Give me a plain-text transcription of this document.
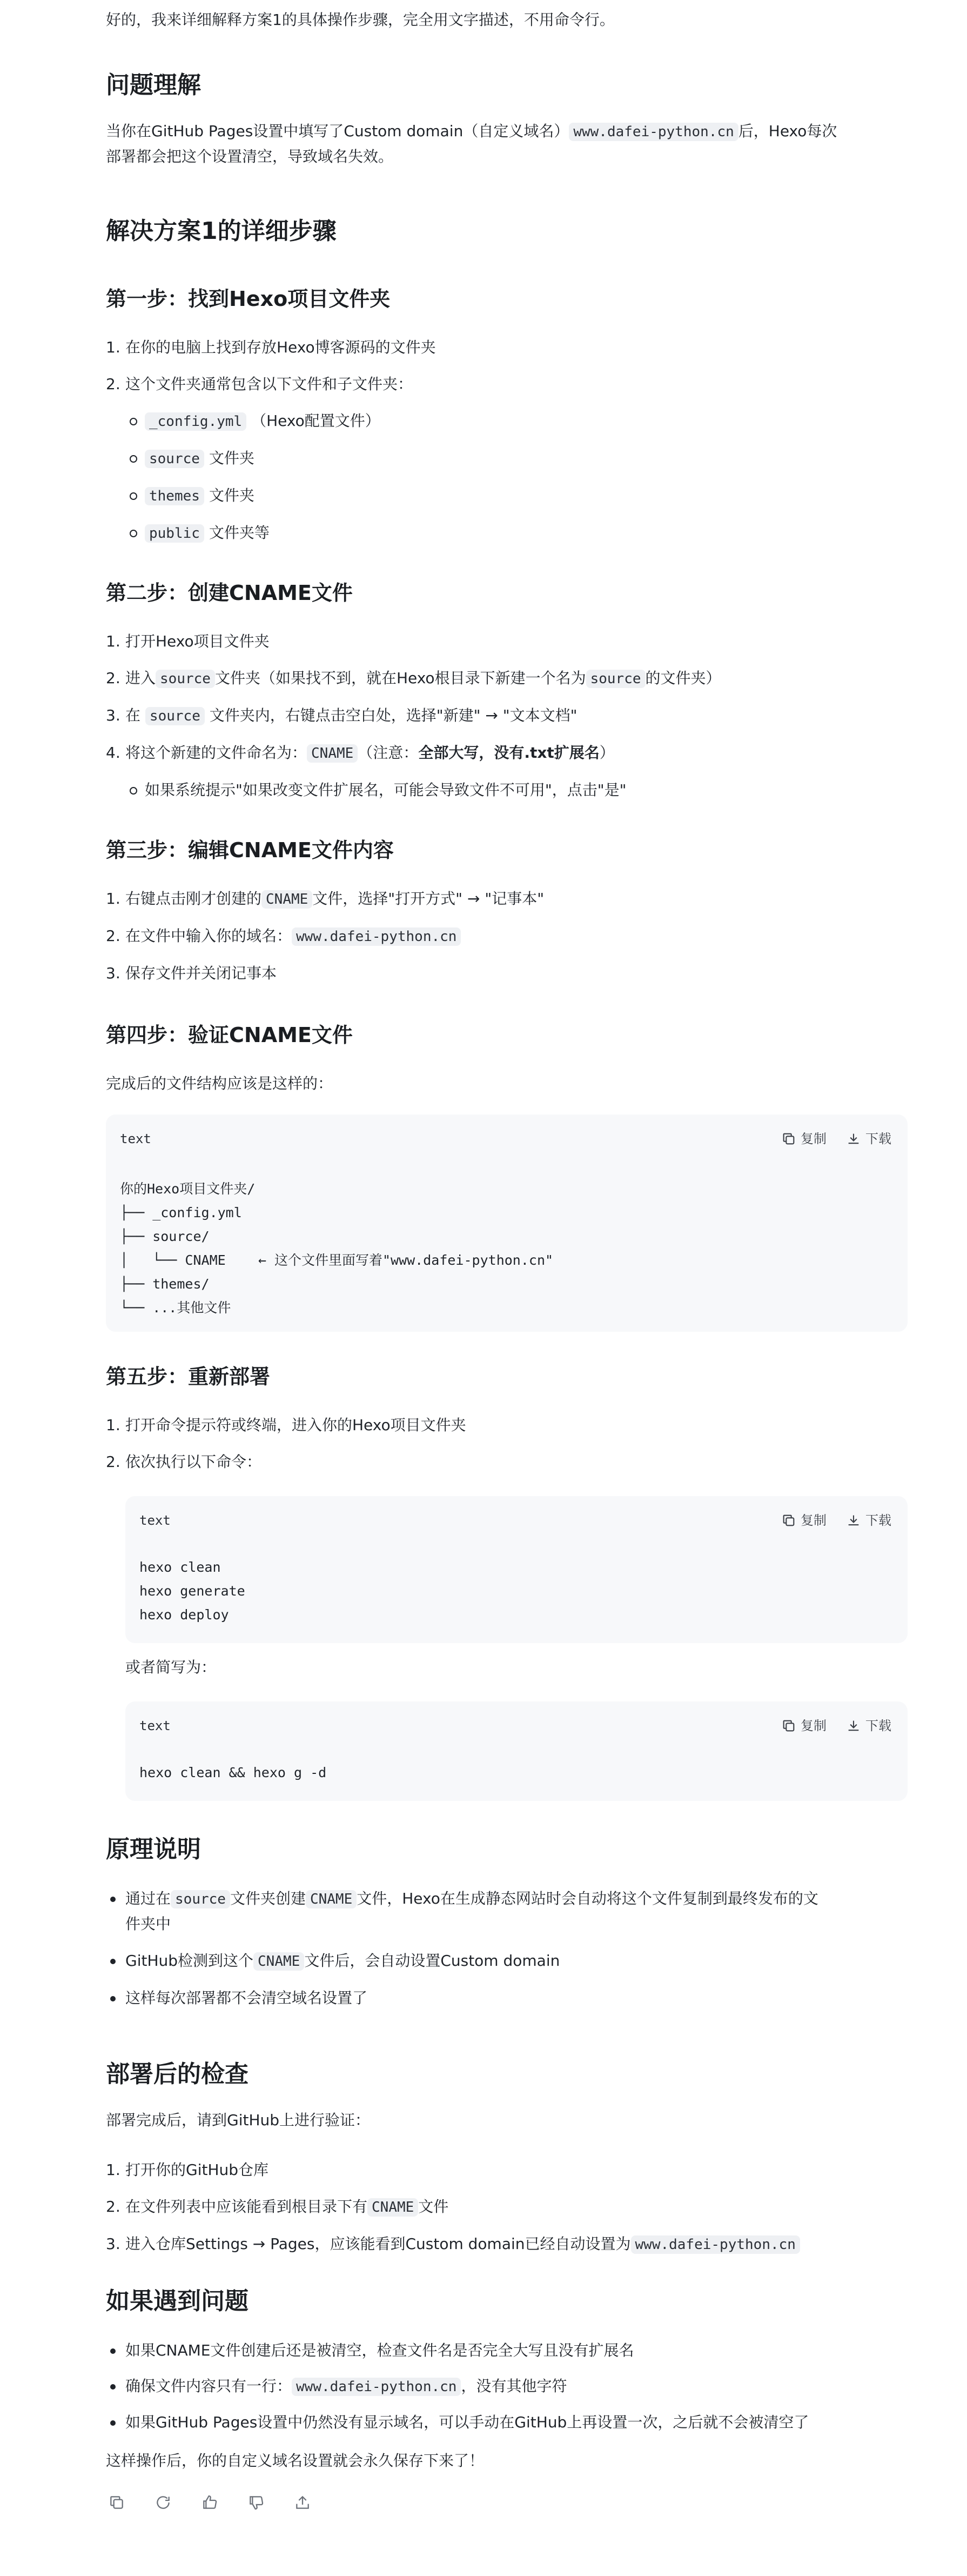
好的，我来详细解释方案1的具体操作步骤，完全用文字描述，不用命令行。

问题理解

当你在GitHub Pages设置中填写了Custom domain（自定义域名） www.dafei-python.cn 后，Hexo每次
部署都会把这个设置清空，导致域名失效。

解决方案1的详细步骤
第一步：找到Hexo项目文件夹
1. 在你的电脑上找到存放Hexo博客源码的文件夹
2. 这个文件夹通常包含以下文件和子文件夹：
_config.yml （Hexo配置文件）
source 文件夹
themes 文件夹
public 文件夹等
第二步：创建CNAME文件
1. 打开Hexo项目文件夹
2. 进入 source 文件夹（如果找不到，就在Hexo根目录下新建一个名为 source 的文件夹）
3. 在 source 文件夹内，右键点击空白处，选择"新建" → "文本文档"
4. 将这个新建的文件命名为： CNAME （注意：全部大写，没有.txt扩展名）
如果系统提示"如果改变文件扩展名，可能会导致文件不可用"，点击"是"
第三步：编辑CNAME文件内容
1. 右键点击刚才创建的 CNAME 文件，选择"打开方式" → "记事本"
2. 在文件中输入你的域名： www.dafei-python.cn
3. 保存文件并关闭记事本
第四步：验证CNAME文件

完成后的文件结构应该是这样的：

text	复制	下载
你的Hexo项目文件夹/
├── _config.yml
├── source/
│   └── CNAME    ← 这个文件里面写着"www.dafei-python.cn"
├── themes/
└── ...其他文件
第五步：重新部署
1. 打开命令提示符或终端，进入你的Hexo项目文件夹
2. 依次执行以下命令：
text	复制	下载
hexo clean
hexo generate
hexo deploy

或者简写为：

text	复制	下载
hexo clean && hexo g -d
原理说明
通过在 source 文件夹创建 CNAME 文件，Hexo在生成静态网站时会自动将这个文件复制到最终发布的文
件夹中
GitHub检测到这个 CNAME 文件后，会自动设置Custom domain
这样每次部署都不会清空域名设置了
部署后的检查

部署完成后，请到GitHub上进行验证：

1. 打开你的GitHub仓库
2. 在文件列表中应该能看到根目录下有 CNAME 文件
3. 进入仓库Settings → Pages，应该能看到Custom domain已经自动设置为 www.dafei-python.cn
如果遇到问题
如果CNAME文件创建后还是被清空，检查文件名是否完全大写且没有扩展名
确保文件内容只有一行： www.dafei-python.cn ，没有其他字符
如果GitHub Pages设置中仍然没有显示域名，可以手动在GitHub上再设置一次，之后就不会被清空了

这样操作后，你的自定义域名设置就会永久保存下来了！
